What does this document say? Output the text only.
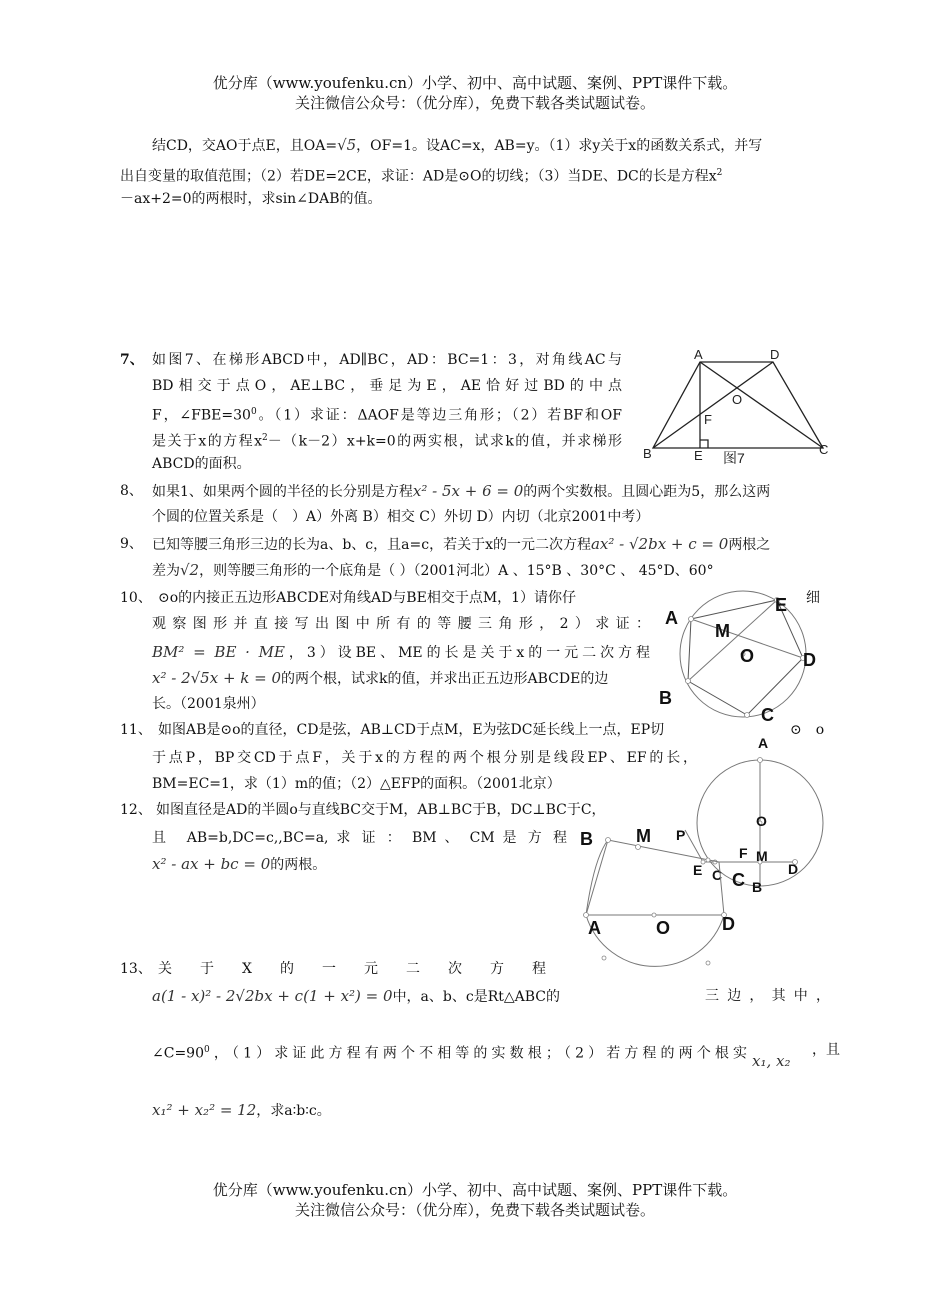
优分库（www.youfenku.cn）小学、初中、高中试题、案例、PPT课件下载。
关注微信公众号：（优分库），免费下载各类试题试卷。
结CD，交AO于点E，且OA=√5，OF=1。设AC=x，AB=y。（1）求y关于x的函数关系式，并写
出自变量的取值范围；（2）若DE=2CE，求证：AD是⊙O的切线；（3）当DE、DC的长是方程$x^2$
－ax+2=0的两根时，求sin∠DAB的值。
7、 如图7、在梯形ABCD中，AD∥BC，AD：BC=1：3，对角线AC与
BD相交于点O，AE⊥BC，垂足为E，AE恰好过BD的中点
F，$\angle FBE=30^0$。（1）求证：ΔAOF是等边三角形；（2）若BF和OF
是关于x的方程$x^2-(k-2)x+k=0$的两实根，试求k的值，并求梯形
ABCD的面积。
A	D
O
F
B	E	C
图7
8、 如果1、如果两个圆的半径的长分别是方程x² - 5x + 6 = 0的两个实数根。且圆心距为5，那么这两
个圆的位置关系是（　）A）外离 B）相交 C）外切 D）内切（北京2001中考）
9、 已知等腰三角形三边的长为a、b、c，且a=c，若关于x的一元二次方程ax² - √2bx + c = 0两根之
差为√2，则等腰三角形的一个底角是（ ）（2001河北）A 、15°B 、30°C 、 45°D、60°
10、 ⊙o的内接正五边形ABCDE对角线AD与BE相交于点M，1）请你仔	细
观察图形并直接写出图中所有的等腰三角形，2）求证：
BM² = BE · ME，3）设BE、ME的长是关于x的一元二次方程
x² - 2√5x + k = 0的两个根，试求k的值，并求出正五边形ABCDE的边
长。（2001泉州）
A
E
M
O	D
B
C
11、 如图AB是⊙o的直径，CD是弦，AB⊥CD于点M，E为弦DC延长线上一点，EP切	⊙　o
于点P，BP交CD于点F，关于x的方程的两个根分别是线段EP、EF的长，
BM=EC=1，求（1）m的值；（2）△EFP的面积。（2001北京）
A
O
P
F M
E C
B
D
12、 如图直径是AD的半圆o与直线BC交于M，AB⊥BC于B，DC⊥BC于C，
且　AB=b,DC=c,,BC=a, 求 证 ： BM 、 CM 是 方 程
x² - ax + bc = 0的两根。
B M
C
A	O	D
13、 关　　于　　X　　的　　一　　元　　二　　次　　方　　程
a(1 - x)² - 2√2bx + c(1 + x²) = 0中，a、b、c是Rt△ABC的	三边，其中，
$\angle C=90^0$，（1）求证此方程有两个不相等的实数根；（2）若方程的两个根实 x₁, x₂
，且
x₁² + x₂² = 12，求a∶b∶c。
优分库（www.youfenku.cn）小学、初中、高中试题、案例、PPT课件下载。
关注微信公众号：（优分库），免费下载各类试题试卷。
